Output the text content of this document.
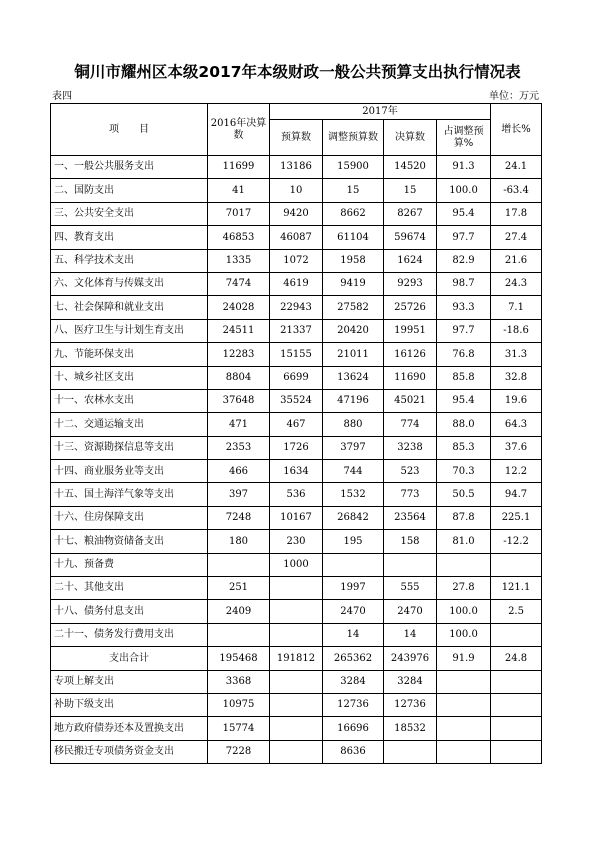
铜川市耀州区本级2017年本级财政一般公共预算支出执行情况表
表四	单位：万元
项　　目	2016年决算数	2017年				增长%
		预算数	调整预算数	决算数	占调整预算%	
一、一般公共服务支出	11699	13186	15900	14520	91.3	24.1
二、国防支出	41	10	15	15	100.0	-63.4
三、公共安全支出	7017	9420	8662	8267	95.4	17.8
四、教育支出	46853	46087	61104	59674	97.7	27.4
五、科学技术支出	1335	1072	1958	1624	82.9	21.6
六、文化体育与传媒支出	7474	4619	9419	9293	98.7	24.3
七、社会保障和就业支出	24028	22943	27582	25726	93.3	7.1
八、医疗卫生与计划生育支出	24511	21337	20420	19951	97.7	-18.6
九、节能环保支出	12283	15155	21011	16126	76.8	31.3
十、城乡社区支出	8804	6699	13624	11690	85.8	32.8
十一、农林水支出	37648	35524	47196	45021	95.4	19.6
十二、交通运输支出	471	467	880	774	88.0	64.3
十三、资源勘探信息等支出	2353	1726	3797	3238	85.3	37.6
十四、商业服务业等支出	466	1634	744	523	70.3	12.2
十五、国土海洋气象等支出	397	536	1532	773	50.5	94.7
十六、住房保障支出	7248	10167	26842	23564	87.8	225.1
十七、粮油物资储备支出	180	230	195	158	81.0	-12.2
十九、预备费		1000				
二十、其他支出	251		1997	555	27.8	121.1
十八、债务付息支出	2409		2470	2470	100.0	2.5
二十一、债务发行费用支出			14	14	100.0	
支出合计	195468	191812	265362	243976	91.9	24.8
专项上解支出	3368		3284	3284		
补助下级支出	10975		12736	12736		
地方政府债券还本及置换支出	15774		16696	18532		
移民搬迁专项债务资金支出	7228		8636			
